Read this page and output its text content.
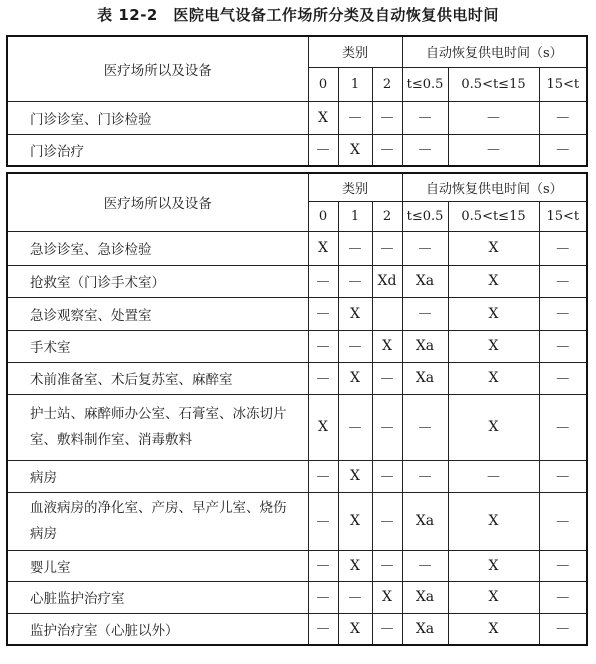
表 12-2　医院电气设备工作场所分类及自动恢复供电时间
医疗场所以及设备	类别			自动恢复供电时间（s）		
	0	1	2	t≤0.5	0.5<t≤15	15<t
门诊诊室、门诊检验	X	—	—	—	—	—
门诊治疗	—	X	—	—	—	—
医疗场所以及设备	类别			自动恢复供电时间（s）		
	0	1	2	t≤0.5	0.5<t≤15	15<t
急诊诊室、急诊检验	X	—	—	—	X	—
抢救室（门诊手术室）	—	—	Xd	Xa	X	—
急诊观察室、处置室	—	X		—	X	—
手术室	—	—	X	Xa	X	—
术前准备室、术后复苏室、麻醉室	—	X	—	Xa	X	—
护士站、麻醉师办公室、石膏室、冰冻切片室、敷料制作室、消毒敷料	X	—	—	—	X	—
病房	—	X	—	—	—	—
血液病房的净化室、产房、早产儿室、烧伤病房	—	X	—	Xa	X	—
婴儿室	—	X	—	—	X	—
心脏监护治疗室	—	—	X	Xa	X	—
监护治疗室（心脏以外）	—	X	—	Xa	X	—
